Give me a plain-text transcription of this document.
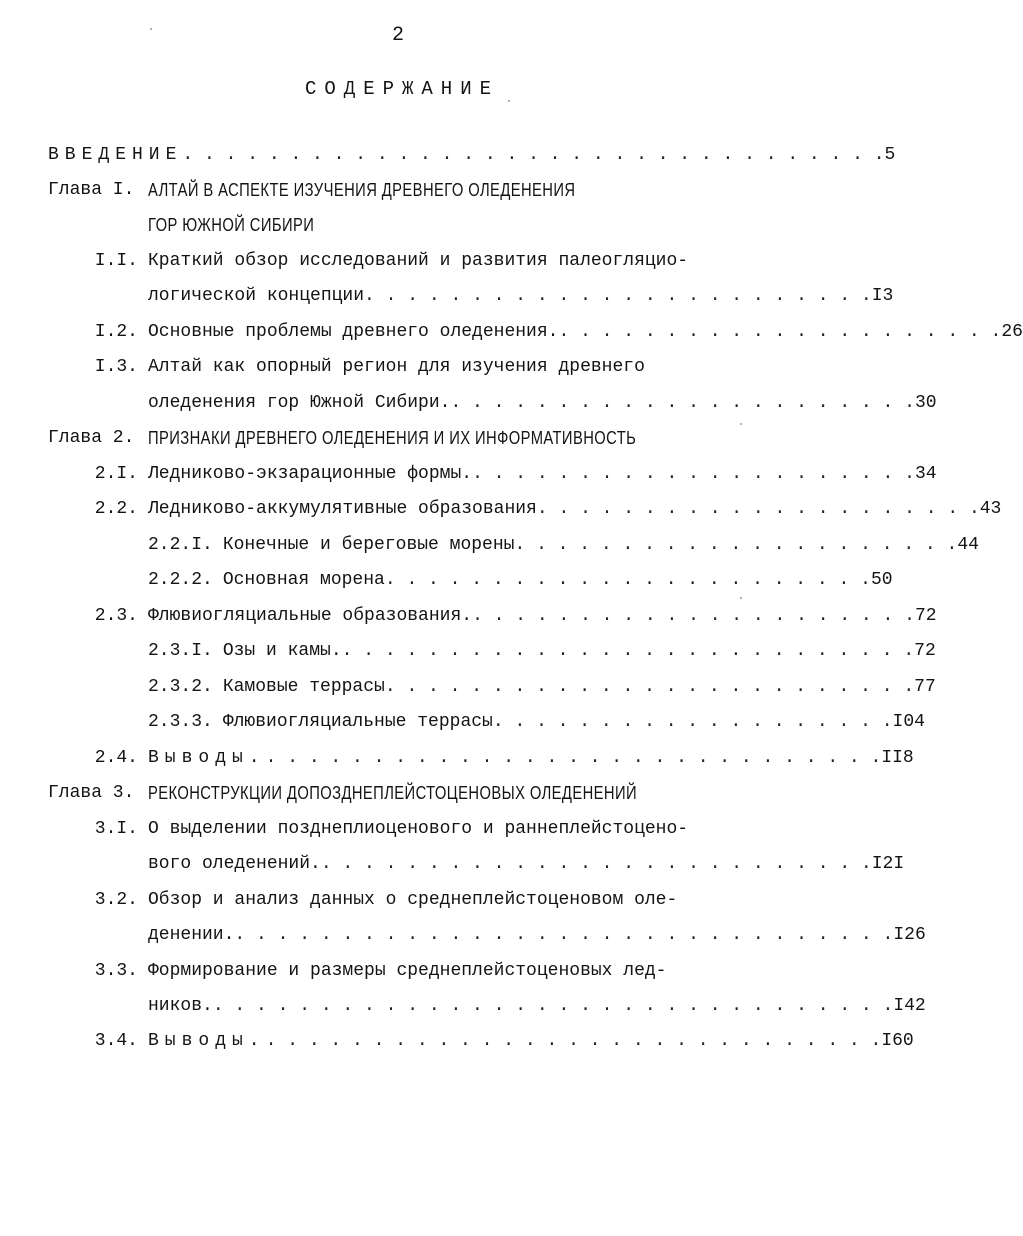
2
СОДЕРЖАНИЕ
ВВЕДЕНИЕ . . . . . . . . . . . . . . . . . . . . . . . . . . . . . . . . . 5
Глава I. АЛТАЙ В АСПЕКТЕ ИЗУЧЕНИЯ ДРЕВНЕГО ОЛЕДЕНЕНИЯ
ГОР ЮЖНОЙ СИБИРИ
I.I. Краткий обзор исследований и развития палеогляцио-
логической концепции . . . . . . . . . . . . . . . . . . . . . . . . I3
I.2. Основные проблемы древнего оледенения. . . . . . . . . . . . . . . . . . . . . . 26
I.3. Алтай как опорный регион для изучения древнего
оледенения гор Южной Сибири. . . . . . . . . . . . . . . . . . . . . . . 30
Глава 2. ПРИЗНАКИ ДРЕВНЕГО ОЛЕДЕНЕНИЯ И ИХ ИНФОРМАТИВНОСТЬ
2.I. Ледниково-экзарационные формы. . . . . . . . . . . . . . . . . . . . . . 34
2.2. Ледниково-аккумулятивные образования . . . . . . . . . . . . . . . . . . . . . 43
2.2.I. Конечные и береговые морены . . . . . . . . . . . . . . . . . . . . . 44
2.2.2. Основная морена . . . . . . . . . . . . . . . . . . . . . . . 50
2.3. Флювиогляциальные образования. . . . . . . . . . . . . . . . . . . . . . 72
2.3.I. Озы и камы. . . . . . . . . . . . . . . . . . . . . . . . . . . . 72
2.3.2. Камовые террасы . . . . . . . . . . . . . . . . . . . . . . . . . 77
2.3.3. Флювиогляциальные террасы . . . . . . . . . . . . . . . . . . . I04
2.4. Выводы. . . . . . . . . . . . . . . . . . . . . . . . . . . . . . II8
Глава 3. РЕКОНСТРУКЦИИ ДОПОЗДНЕПЛЕЙСТОЦЕНОВЫХ ОЛЕДЕНЕНИЙ
3.I. О выделении позднеплиоценового и раннеплейстоцено-
вого оледенений. . . . . . . . . . . . . . . . . . . . . . . . . . . I2I
3.2. Обзор и анализ данных о среднеплейстоценовом оле-
денении. . . . . . . . . . . . . . . . . . . . . . . . . . . . . . . . I26
3.3. Формирование и размеры среднеплейстоценовых лед-
ников. . . . . . . . . . . . . . . . . . . . . . . . . . . . . . . . . I42
3.4. Выводы. . . . . . . . . . . . . . . . . . . . . . . . . . . . . . I60
